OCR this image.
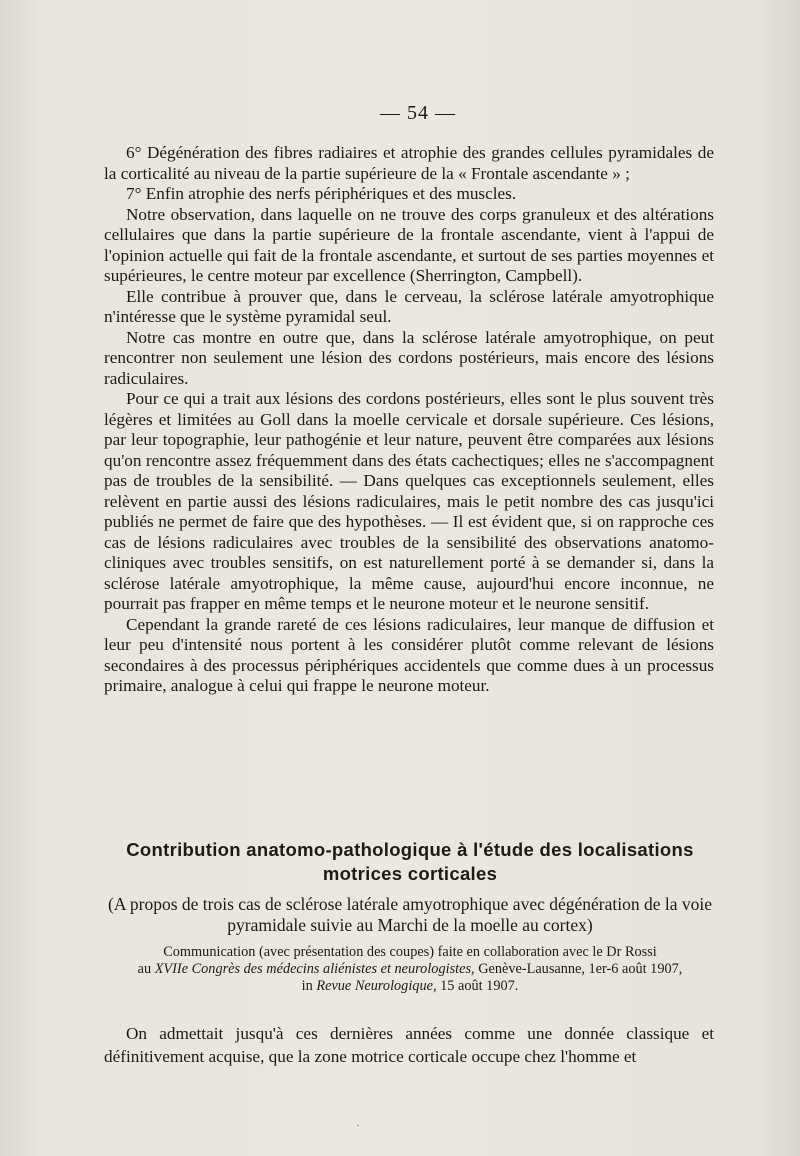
— 54 —

6° Dégénération des fibres radiaires et atrophie des grandes cellules pyramidales de la corticalité au niveau de la partie supérieure de la « Frontale ascendante » ;

7° Enfin atrophie des nerfs périphériques et des muscles.

Notre observation, dans laquelle on ne trouve des corps granuleux et des altérations cellulaires que dans la partie supérieure de la frontale ascendante, vient à l'appui de l'opinion actuelle qui fait de la frontale ascendante, et surtout de ses parties moyennes et supérieures, le centre moteur par excellence (Sherrington, Campbell).

Elle contribue à prouver que, dans le cerveau, la sclérose latérale amyotrophique n'intéresse que le système pyramidal seul.

Notre cas montre en outre que, dans la sclérose latérale amyotrophique, on peut rencontrer non seulement une lésion des cordons postérieurs, mais encore des lésions radiculaires.

Pour ce qui a trait aux lésions des cordons postérieurs, elles sont le plus souvent très légères et limitées au Goll dans la moelle cervicale et dorsale supérieure. Ces lésions, par leur topographie, leur pathogénie et leur nature, peuvent être comparées aux lésions qu'on rencontre assez fréquemment dans des états cachectiques; elles ne s'accompagnent pas de troubles de la sensibilité. — Dans quelques cas exceptionnels seulement, elles relèvent en partie aussi des lésions radiculaires, mais le petit nombre des cas jusqu'ici publiés ne permet de faire que des hypothèses. — Il est évident que, si on rapproche ces cas de lésions radiculaires avec troubles de la sensibilité des observations anatomo-cliniques avec troubles sensitifs, on est naturellement porté à se demander si, dans la sclérose latérale amyotrophique, la même cause, aujourd'hui encore inconnue, ne pourrait pas frapper en même temps et le neurone moteur et le neurone sensitif.

Cependant la grande rareté de ces lésions radiculaires, leur manque de diffusion et leur peu d'intensité nous portent à les considérer plutôt comme relevant de lésions secondaires à des processus périphériques accidentels que comme dues à un processus primaire, analogue à celui qui frappe le neurone moteur.

Contribution anatomo-pathologique à l'étude des localisations motrices corticales

(A propos de trois cas de sclérose latérale amyotrophique avec dégénération de la voie pyramidale suivie au Marchi de la moelle au cortex)

Communication (avec présentation des coupes) faite en collaboration avec le Dr Rossi
au XVIIe Congrès des médecins aliénistes et neurologistes, Genève-Lausanne, 1er-6 août 1907,
in Revue Neurologique, 15 août 1907.

On admettait jusqu'à ces dernières années comme une donnée classique et définitivement acquise, que la zone motrice corticale occupe chez l'homme et

·
